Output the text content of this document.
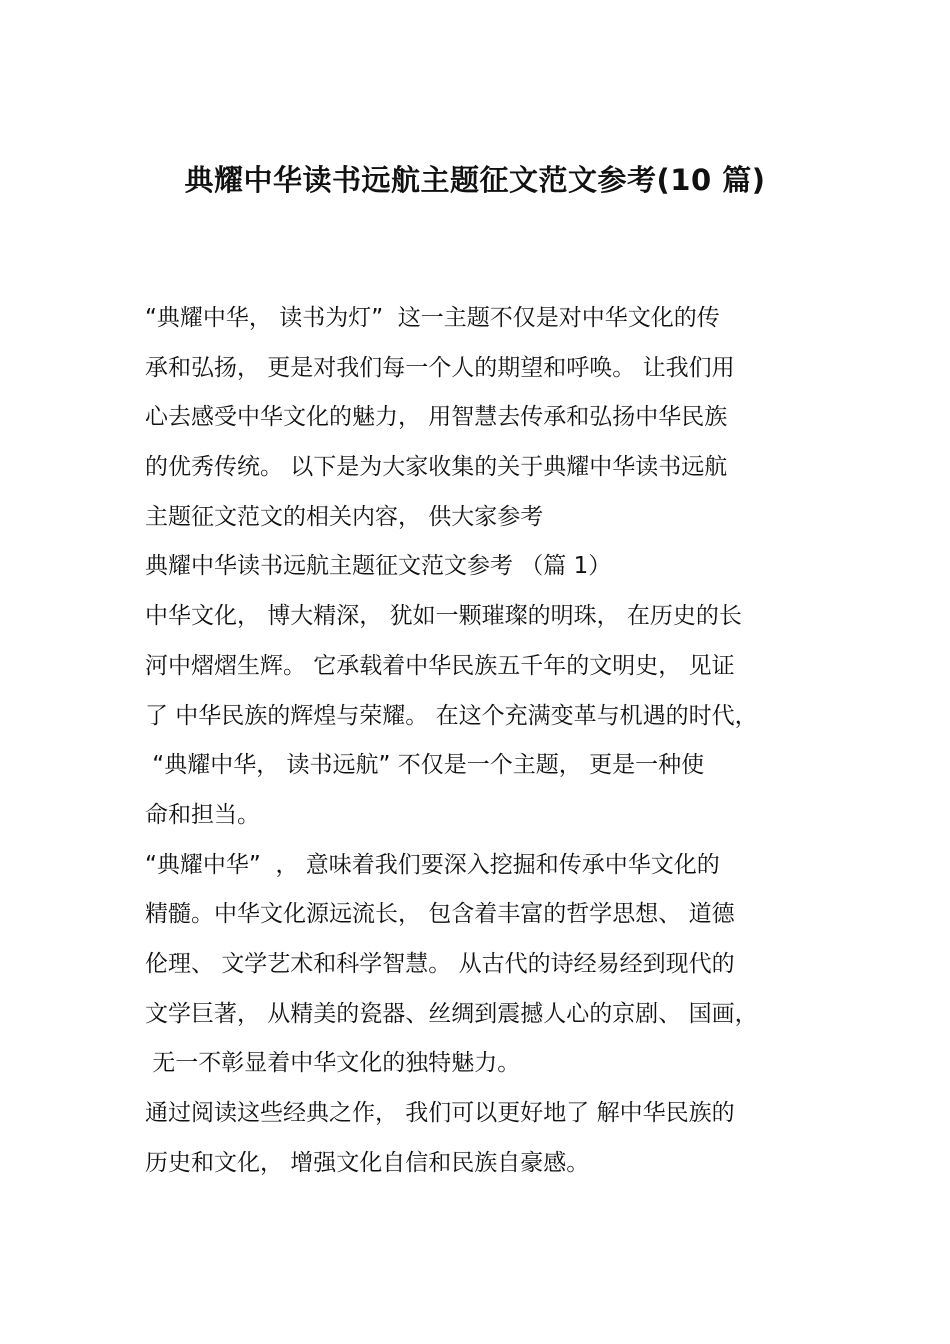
典耀中华读书远航主题征文范文参考(10 篇)
“典耀中华， 读书为灯”  这一主题不仅是对中华文化的传
承和弘扬， 更是对我们每一个人的期望和呼唤。 让我们用
心去感受中华文化的魅力， 用智慧去传承和弘扬中华民族
的优秀传统。 以下是为大家收集的关于典耀中华读书远航
主题征文范文的相关内容， 供大家参考
典耀中华读书远航主题征文范文参考 （篇 1）
中华文化， 博大精深， 犹如一颗璀璨的明珠， 在历史的长
河中熠熠生辉。 它承载着中华民族五千年的文明史， 见证
了 中华民族的辉煌与荣耀。 在这个充满变革与机遇的时代，
“典耀中华， 读书远航” 不仅是一个主题， 更是一种使
命和担当。
“典耀中华”  ， 意味着我们要深入挖掘和传承中华文化的
精髓。中华文化源远流长， 包含着丰富的哲学思想、 道德
伦理、 文学艺术和科学智慧。 从古代的诗经易经到现代的
文学巨著， 从精美的瓷器、丝绸到震撼人心的京剧、 国画，
无一不彰显着中华文化的独特魅力。
通过阅读这些经典之作， 我们可以更好地了 解中华民族的
历史和文化， 增强文化自信和民族自豪感。
